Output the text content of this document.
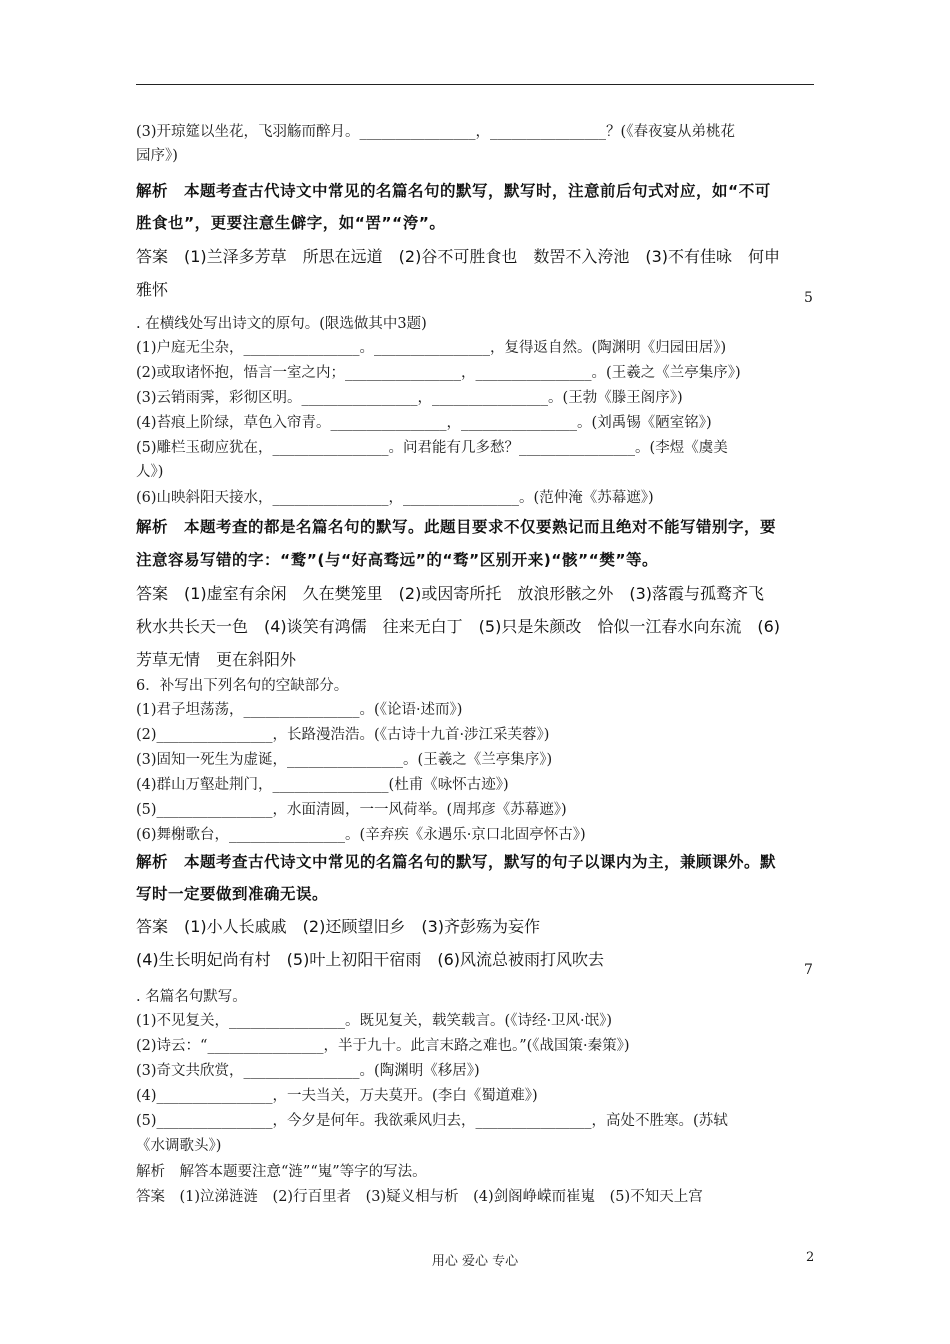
(3)开琼筵以坐花，飞羽觞而醉月。________________，________________？(《春夜宴从弟桃花
园序》)
解析　本题考查古代诗文中常见的名篇名句的默写，默写时，注意前后句式对应，如“不可
胜食也”，更要注意生僻字，如“罟”“洿”。
答案　(1)兰泽多芳草　所思在远道　(2)谷不可胜食也　数罟不入洿池　(3)不有佳咏　何申
雅怀
. 在横线处写出诗文的原句。(限选做其中3题)
(1)户庭无尘杂，________________。________________，复得返自然。(陶渊明《归园田居》)
(2)或取诸怀抱，悟言一室之内；________________，________________。(王羲之《兰亭集序》)
(3)云销雨霁，彩彻区明。________________，________________。(王勃《滕王阁序》)
(4)苔痕上阶绿，草色入帘青。________________，________________。(刘禹锡《陋室铭》)
(5)雕栏玉砌应犹在，________________。问君能有几多愁？________________。(李煜《虞美
人》)
(6)山映斜阳天接水，________________，________________。(范仲淹《苏幕遮》)
解析　本题考查的都是名篇名句的默写。此题目要求不仅要熟记而且绝对不能写错别字，要
注意容易写错的字：“鹜”(与“好高骛远”的“骛”区别开来)“骸”“樊”等。
答案　(1)虚室有余闲　久在樊笼里　(2)或因寄所托　放浪形骸之外　(3)落霞与孤鹜齐飞
秋水共长天一色　(4)谈笑有鸿儒　往来无白丁　(5)只是朱颜改　恰似一江春水向东流　(6)
芳草无情　更在斜阳外
6．补写出下列名句的空缺部分。
(1)君子坦荡荡，________________。(《论语·述而》)
(2)________________，长路漫浩浩。(《古诗十九首·涉江采芙蓉》)
(3)固知一死生为虚诞，________________。(王羲之《兰亭集序》)
(4)群山万壑赴荆门，________________(杜甫《咏怀古迹》)
(5)________________，水面清圆，一一风荷举。(周邦彦《苏幕遮》)
(6)舞榭歌台，________________。(辛弃疾《永遇乐·京口北固亭怀古》)
解析　本题考查古代诗文中常见的名篇名句的默写，默写的句子以课内为主，兼顾课外。默
写时一定要做到准确无误。
答案　(1)小人长戚戚　(2)还顾望旧乡　(3)齐彭殇为妄作
(4)生长明妃尚有村　(5)叶上初阳干宿雨　(6)风流总被雨打风吹去
. 名篇名句默写。
(1)不见复关，________________。既见复关，载笑载言。(《诗经·卫风·氓》)
(2)诗云：“________________，半于九十。此言末路之难也。”(《战国策·秦策》)
(3)奇文共欣赏，________________。(陶渊明《移居》)
(4)________________，一夫当关，万夫莫开。(李白《蜀道难》)
(5)________________，今夕是何年。我欲乘风归去，________________，高处不胜寒。(苏轼
《水调歌头》)
解析　解答本题要注意“涟”“嵬”等字的写法。
答案　(1)泣涕涟涟　(2)行百里者　(3)疑义相与析　(4)剑阁峥嵘而崔嵬　(5)不知天上宫
5
7
用心 爱心 专心	2
